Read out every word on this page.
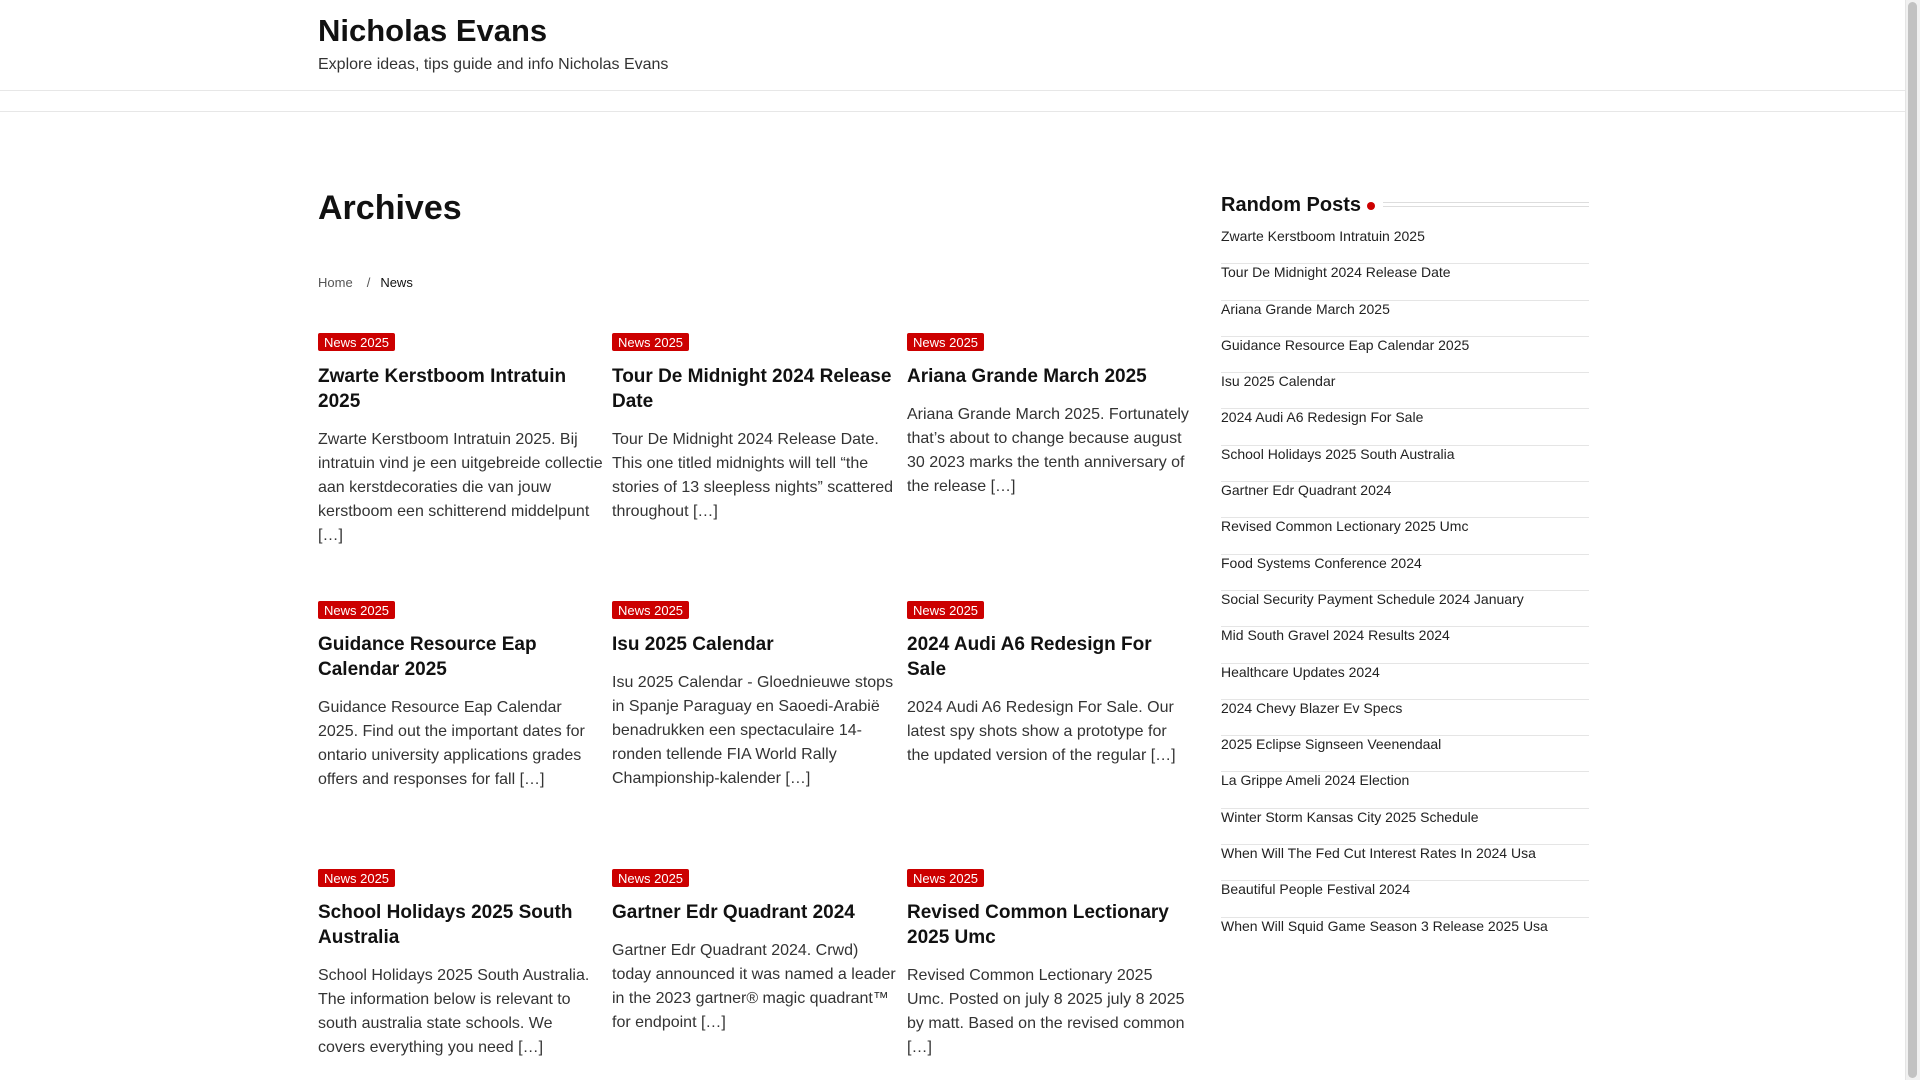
Nicholas Evans
Explore ideas, tips guide and info Nicholas Evans
Archives
Home / News
News 2025
Zwarte Kerstboom Intratuin 2025

Zwarte Kerstboom Intratuin 2025. Bij intratuin vind je een uitgebreide collectie aan kerstdecoraties die van jouw kerstboom een schitterend middelpunt […]

News 2025
Tour De Midnight 2024 Release Date

Tour De Midnight 2024 Release Date. This one titled midnights will tell “the stories of 13 sleepless nights” scattered throughout […]

News 2025
Ariana Grande March 2025

Ariana Grande March 2025. Fortunately that’s about to change because august 30 2023 marks the tenth anniversary of the release […]

News 2025
Guidance Resource Eap Calendar 2025

Guidance Resource Eap Calendar 2025. Find out the important dates for ontario university applications grades offers and responses for fall […]

News 2025
Isu 2025 Calendar

Isu 2025 Calendar - Gloednieuwe stops in Spanje Paraguay en Saoedi-Arabië benadrukken een spectaculaire 14-ronden tellende FIA World Rally Championship-kalender […]

News 2025
2024 Audi A6 Redesign For Sale

2024 Audi A6 Redesign For Sale. Our latest spy shots show a prototype for the updated version of the regular […]

News 2025
School Holidays 2025 South Australia

School Holidays 2025 South Australia. The information below is relevant to south australia state schools. We covers everything you need […]

News 2025
Gartner Edr Quadrant 2024

Gartner Edr Quadrant 2024. Crwd) today announced it was named a leader in the 2023 gartner® magic quadrant™ for endpoint […]

News 2025
Revised Common Lectionary 2025 Umc

Revised Common Lectionary 2025 Umc. Posted on july 8 2025 july 8 2025 by matt. Based on the revised common […]

Random Posts
Zwarte Kerstboom Intratuin 2025
Tour De Midnight 2024 Release Date
Ariana Grande March 2025
Guidance Resource Eap Calendar 2025
Isu 2025 Calendar
2024 Audi A6 Redesign For Sale
School Holidays 2025 South Australia
Gartner Edr Quadrant 2024
Revised Common Lectionary 2025 Umc
Food Systems Conference 2024
Social Security Payment Schedule 2024 January
Mid South Gravel 2024 Results 2024
Healthcare Updates 2024
2024 Chevy Blazer Ev Specs
2025 Eclipse Signseen Veenendaal
La Grippe Ameli 2024 Election
Winter Storm Kansas City 2025 Schedule
When Will The Fed Cut Interest Rates In 2024 Usa
Beautiful People Festival 2024
When Will Squid Game Season 3 Release 2025 Usa
